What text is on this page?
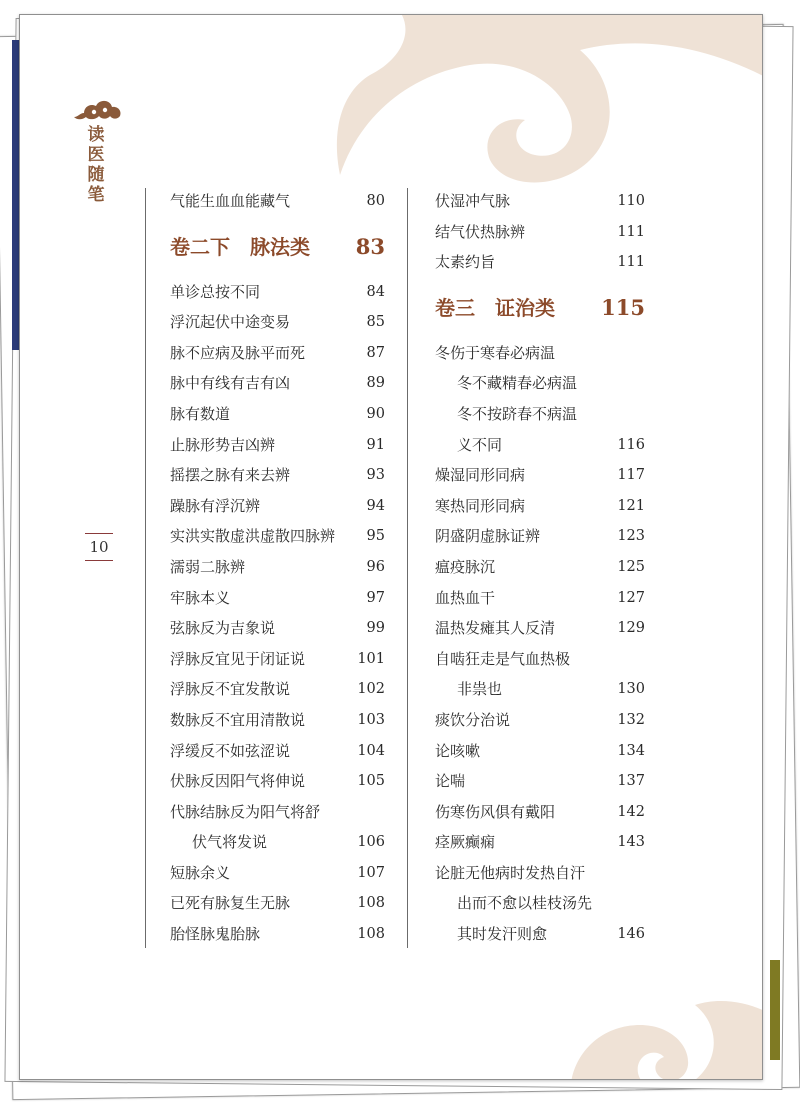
读
医
随
笔
10
气能生血血能藏气	80
卷二下　脉法类 83
单诊总按不同	84
浮沉起伏中途变易	85
脉不应病及脉平而死	87
脉中有线有吉有凶	89
脉有数道	90
止脉形势吉凶辨	91
摇摆之脉有来去辨	93
躁脉有浮沉辨	94
实洪实散虚洪虚散四脉辨 95
濡弱二脉辨	96
牢脉本义	97
弦脉反为吉象说	99
浮脉反宜见于闭证说	101
浮脉反不宜发散说	102
数脉反不宜用清散说	103
浮缓反不如弦涩说	104
伏脉反因阳气将伸说	105
代脉结脉反为阳气将舒
伏气将发说	106
短脉余义	107
已死有脉复生无脉	108
胎怪脉鬼胎脉	108
伏湿冲气脉	110
结气伏热脉辨	111
太素约旨	111
卷三　证治类 115
冬伤于寒春必病温
冬不藏精春必病温
冬不按跻春不病温
义不同	116
燥湿同形同病	117
寒热同形同病	121
阴盛阴虚脉证辨	123
瘟疫脉沉	125
血热血干	127
温热发瘫其人反清	129
自啮狂走是气血热极
非祟也	130
痰饮分治说	132
论咳嗽	134
论喘	137
伤寒伤风俱有戴阳	142
痉厥癫痫	143
论脏无他病时发热自汗
出而不愈以桂枝汤先
其时发汗则愈	146
